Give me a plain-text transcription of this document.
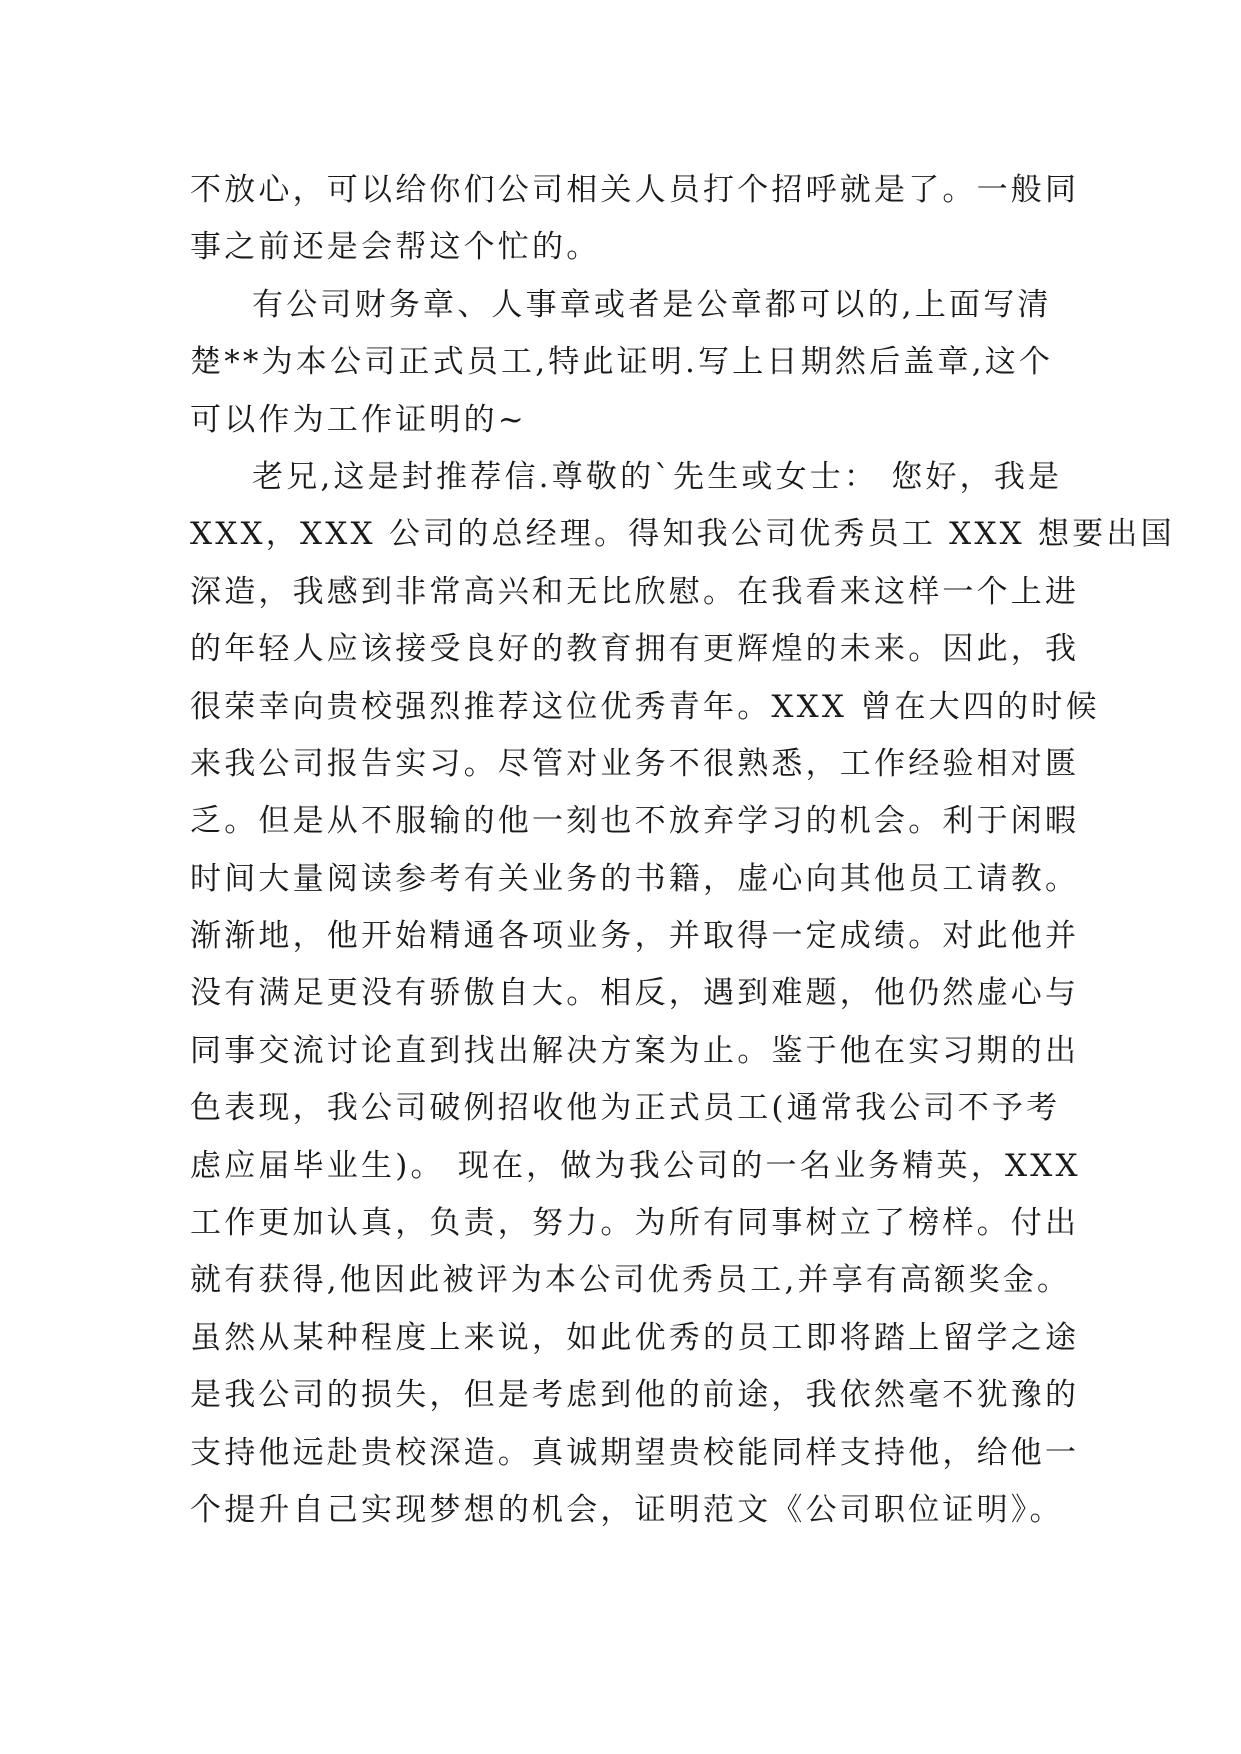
不放心，可以给你们公司相关人员打个招呼就是了。一般同
事之前还是会帮这个忙的。
有公司财务章、人事章或者是公章都可以的,上面写清
楚**为本公司正式员工,特此证明.写上日期然后盖章,这个
可以作为工作证明的~
老兄,这是封推荐信.尊敬的`先生或女士： 您好，我是
XXX，XXX 公司的总经理。得知我公司优秀员工 XXX 想要出国
深造，我感到非常高兴和无比欣慰。在我看来这样一个上进
的年轻人应该接受良好的教育拥有更辉煌的未来。因此，我
很荣幸向贵校强烈推荐这位优秀青年。XXX 曾在大四的时候
来我公司报告实习。尽管对业务不很熟悉，工作经验相对匮
乏。但是从不服输的他一刻也不放弃学习的机会。利于闲暇
时间大量阅读参考有关业务的书籍，虚心向其他员工请教。
渐渐地，他开始精通各项业务，并取得一定成绩。对此他并
没有满足更没有骄傲自大。相反，遇到难题，他仍然虚心与
同事交流讨论直到找出解决方案为止。鉴于他在实习期的出
色表现，我公司破例招收他为正式员工(通常我公司不予考
虑应届毕业生)。 现在，做为我公司的一名业务精英，XXX
工作更加认真，负责，努力。为所有同事树立了榜样。付出
就有获得,他因此被评为本公司优秀员工,并享有高额奖金。
虽然从某种程度上来说，如此优秀的员工即将踏上留学之途
是我公司的损失，但是考虑到他的前途，我依然毫不犹豫的
支持他远赴贵校深造。真诚期望贵校能同样支持他，给他一
个提升自己实现梦想的机会，证明范文《公司职位证明》。
